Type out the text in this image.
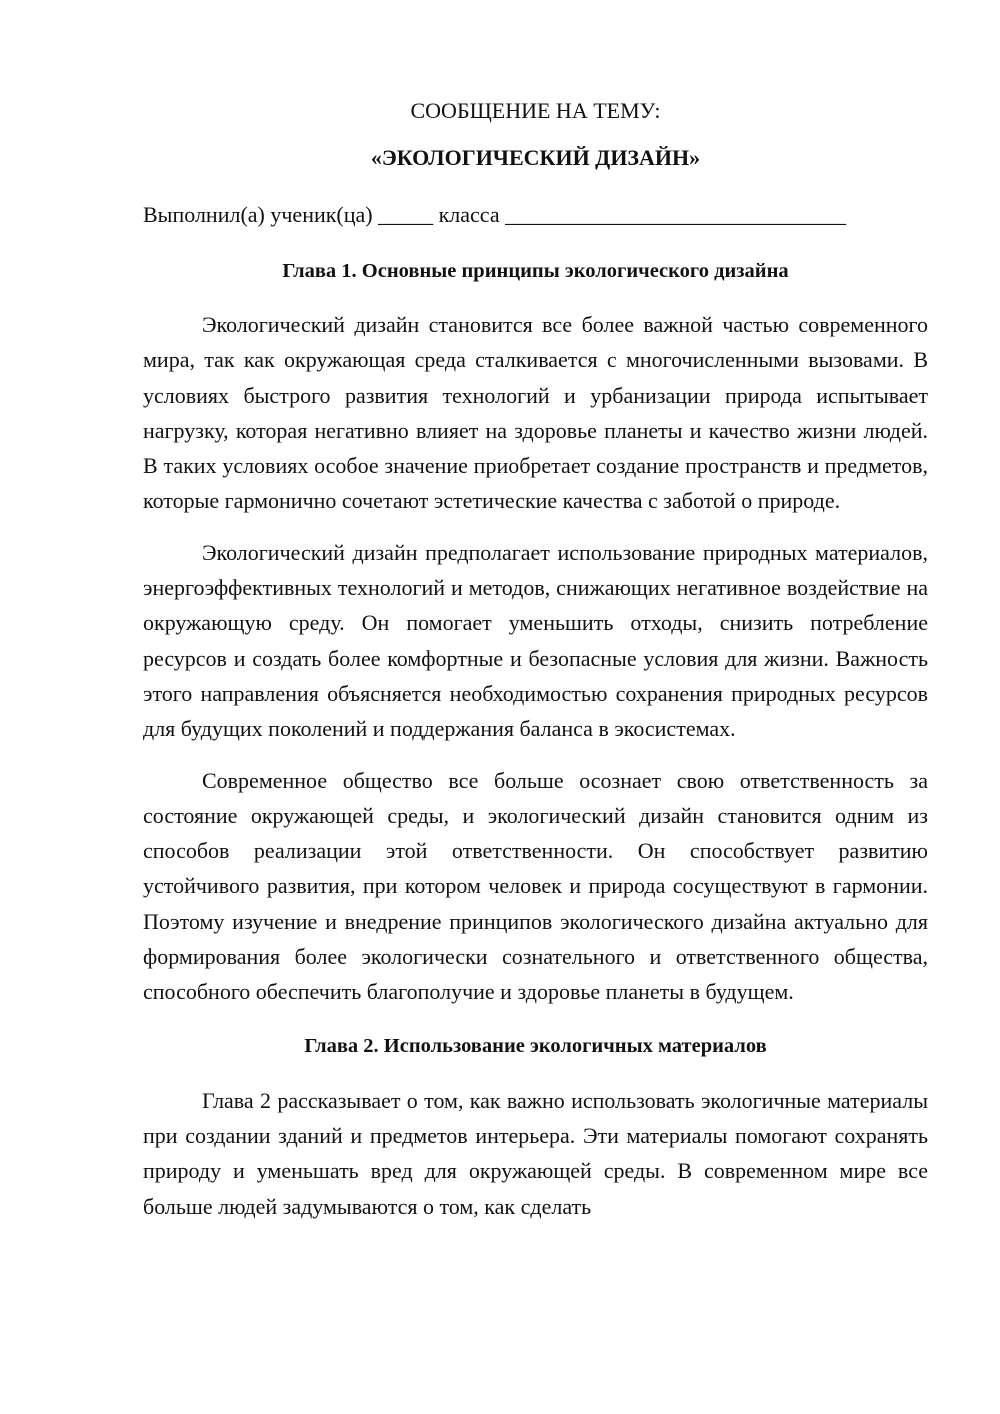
СООБЩЕНИЕ НА ТЕМУ:

«ЭКОЛОГИЧЕСКИЙ ДИЗАЙН»

Выполнил(а) ученик(ца) _____ класса _______________________________

Глава 1. Основные принципы экологического дизайна

Экологический дизайн становится все более важной частью современного мира, так как окружающая среда сталкивается с многочисленными вызовами. В условиях быстрого развития технологий и урбанизации природа испытывает нагрузку, которая негативно влияет на здоровье планеты и качество жизни людей. В таких условиях особое значение приобретает создание пространств и предметов, которые гармонично сочетают эстетические качества с заботой о природе.

Экологический дизайн предполагает использование природных материалов, энергоэффективных технологий и методов, снижающих негативное воздействие на окружающую среду. Он помогает уменьшить отходы, снизить потребление ресурсов и создать более комфортные и безопасные условия для жизни. Важность этого направления объясняется необходимостью сохранения природных ресурсов для будущих поколений и поддержания баланса в экосистемах.

Современное общество все больше осознает свою ответственность за состояние окружающей среды, и экологический дизайн становится одним из способов реализации этой ответственности. Он способствует развитию устойчивого развития, при котором человек и природа сосуществуют в гармонии. Поэтому изучение и внедрение принципов экологического дизайна актуально для формирования более экологически сознательного и ответственного общества, способного обеспечить благополучие и здоровье планеты в будущем.

Глава 2. Использование экологичных материалов

Глава 2 рассказывает о том, как важно использовать экологичные материалы при создании зданий и предметов интерьера. Эти материалы помогают сохранять природу и уменьшать вред для окружающей среды. В современном мире все больше людей задумываются о том, как сделать
